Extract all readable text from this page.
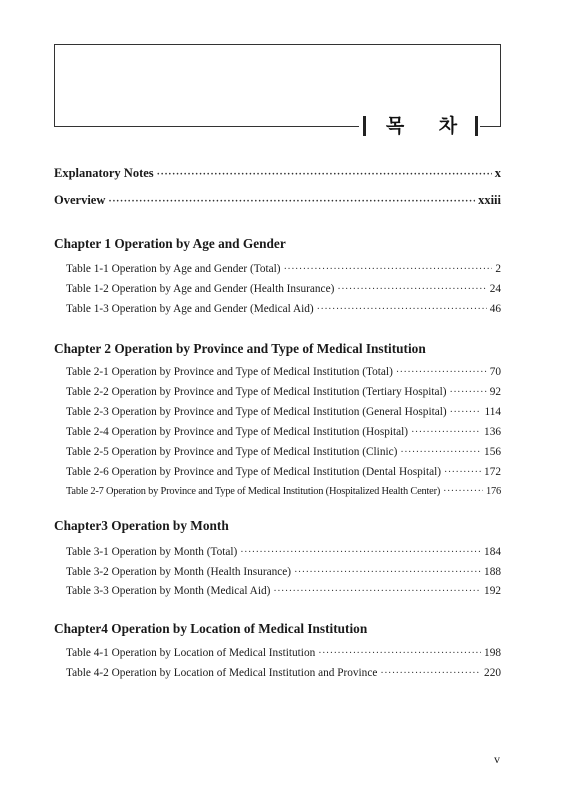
목 차
Explanatory Notes ·····	x
Overview ·····	xxiii
Chapter 1 Operation by Age and Gender
Table 1-1 Operation by Age and Gender (Total) ·····	2
Table 1-2 Operation by Age and Gender (Health Insurance) ·····	24
Table 1-3 Operation by Age and Gender (Medical Aid) ·····	46
Chapter 2 Operation by Province and Type of Medical Institution
Table 2-1 Operation by Province and Type of Medical Institution (Total) ·····	70
Table 2-2 Operation by Province and Type of Medical Institution (Tertiary Hospital) ·····	92
Table 2-3 Operation by Province and Type of Medical Institution (General Hospital) ·····	114
Table 2-4 Operation by Province and Type of Medical Institution (Hospital) ·····	136
Table 2-5 Operation by Province and Type of Medical Institution (Clinic) ·····	156
Table 2-6 Operation by Province and Type of Medical Institution (Dental Hospital) ·····	172
Table 2-7 Operation by Province and Type of Medical Institution (Hospitalized Health Center) ·····	176
Chapter3 Operation by Month
Table 3-1 Operation by Month (Total) ·····	184
Table 3-2 Operation by Month (Health Insurance) ·····	188
Table 3-3 Operation by Month (Medical Aid) ·····	192
Chapter4 Operation by Location of Medical Institution
Table 4-1 Operation by Location of Medical Institution ·····	198
Table 4-2 Operation by Location of Medical Institution and Province ·····	220
v
